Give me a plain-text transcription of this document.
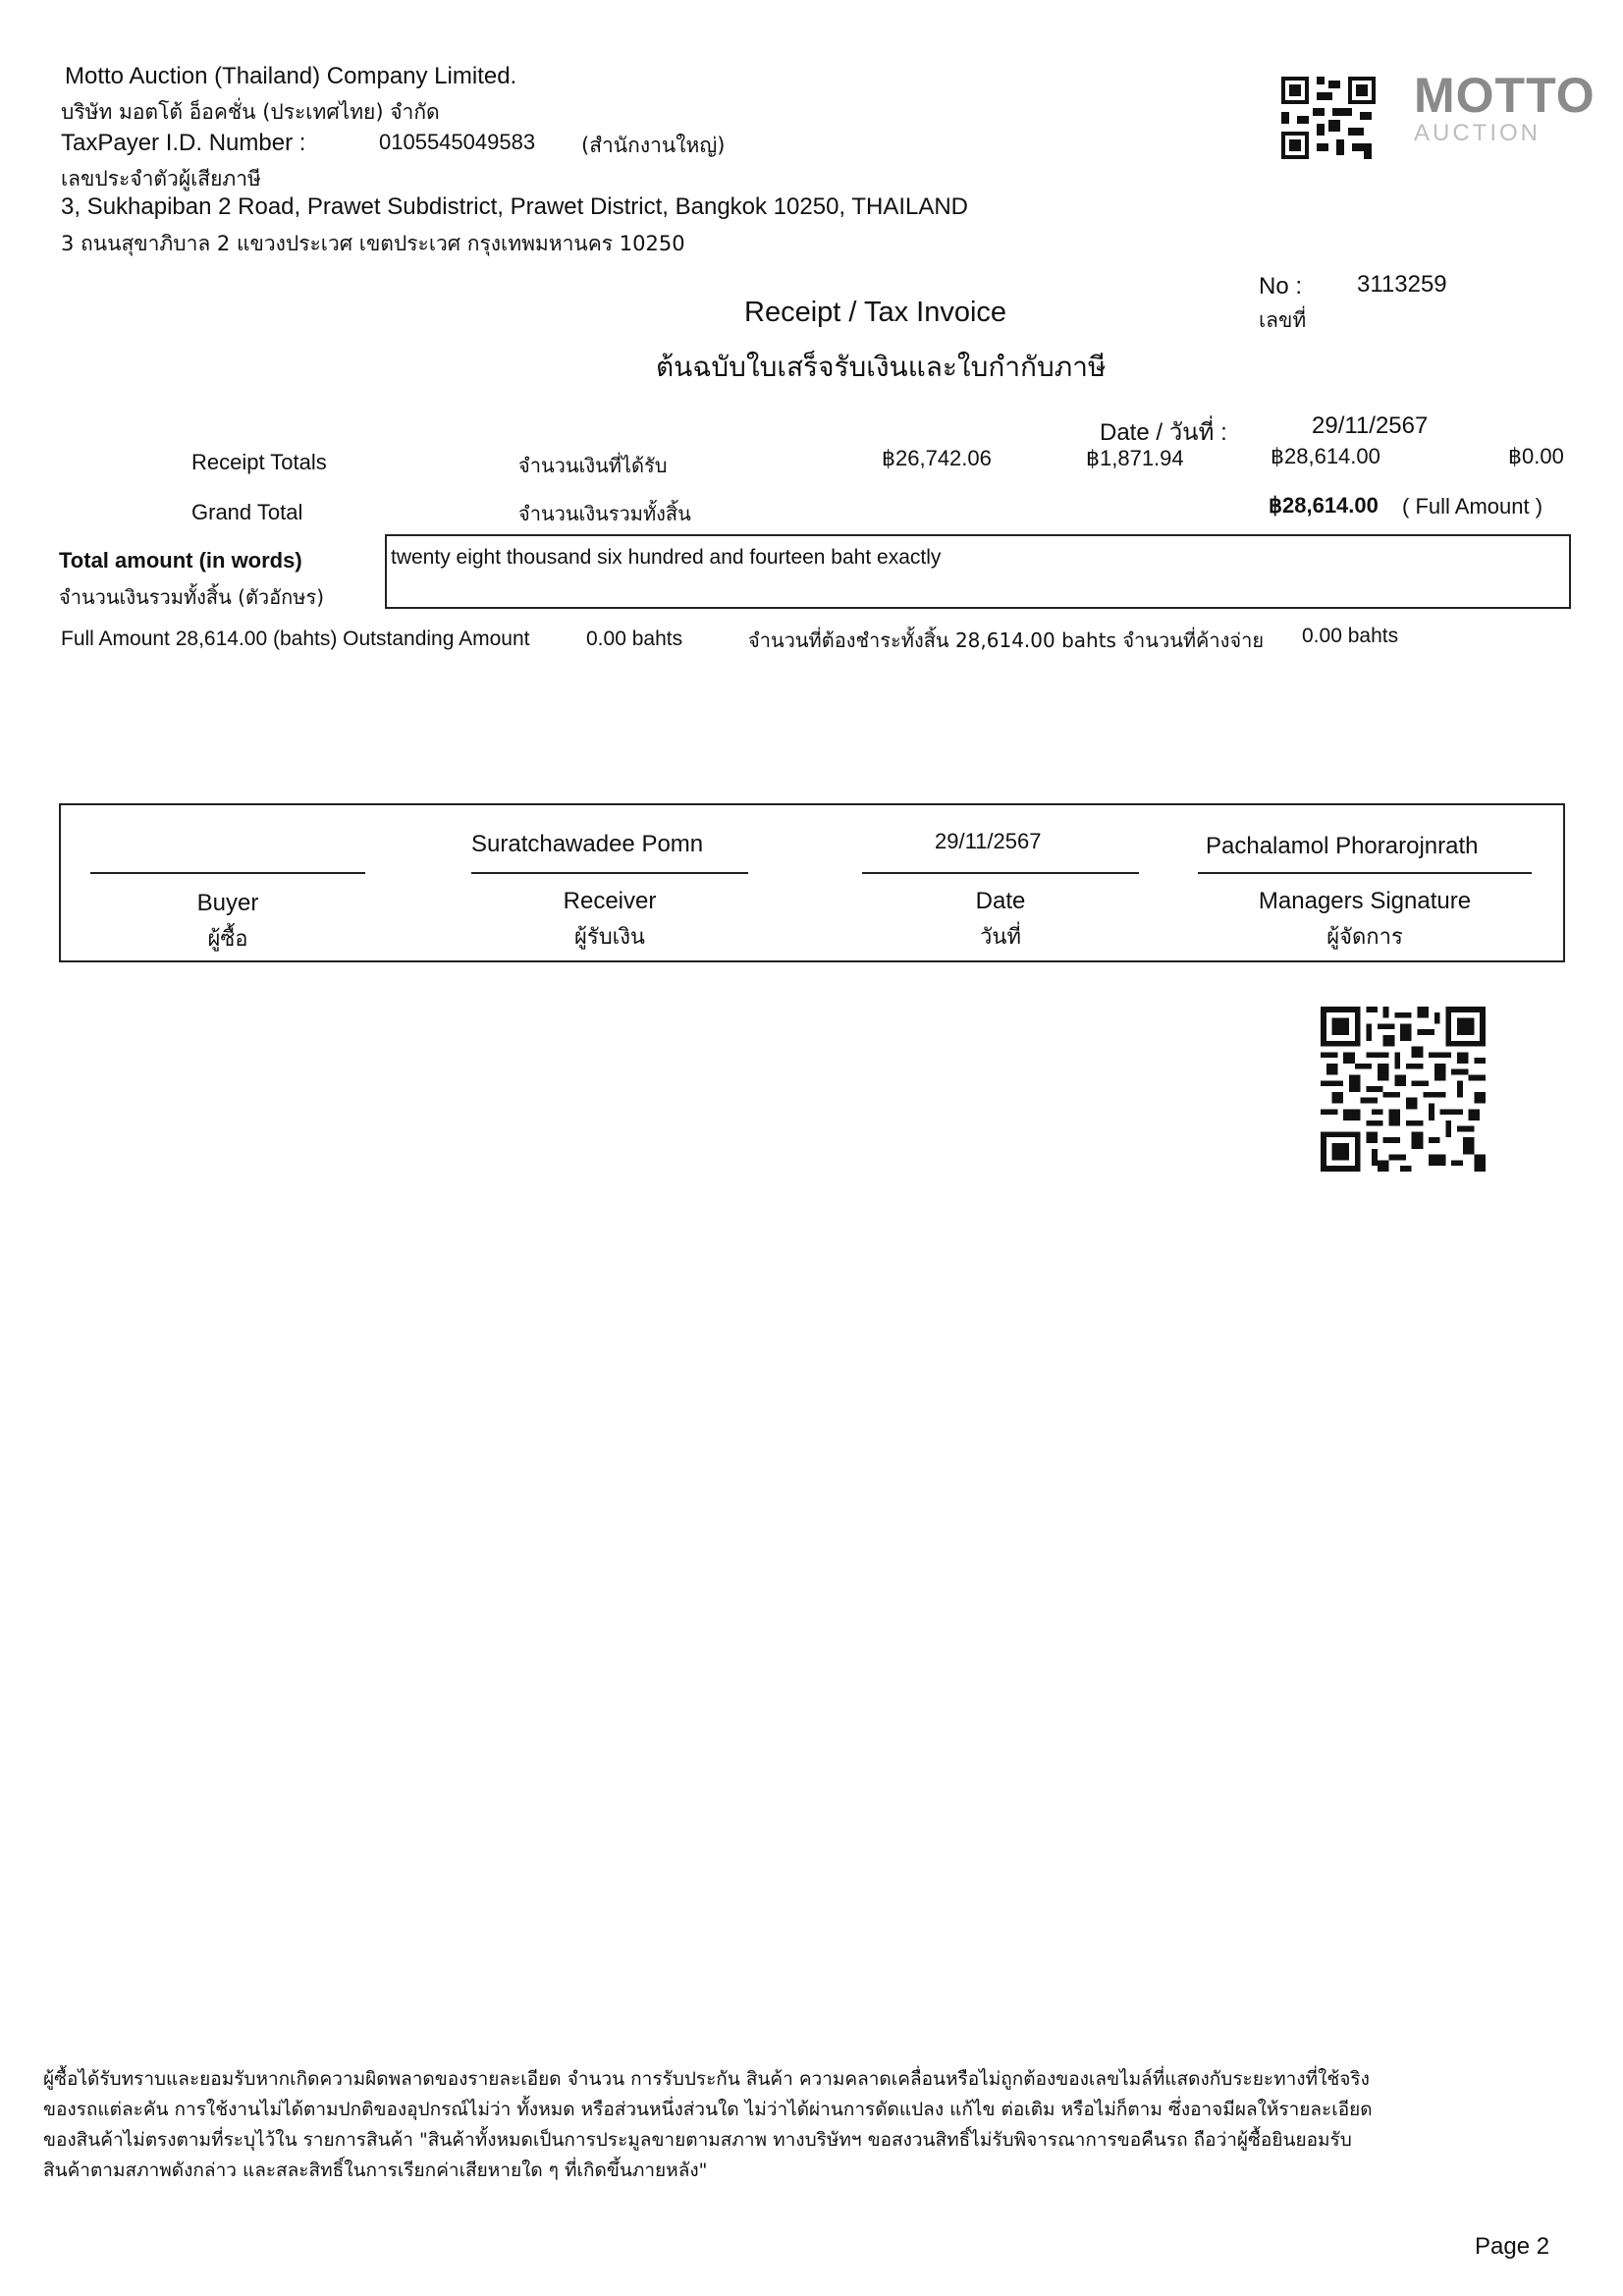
Motto Auction (Thailand) Company Limited.
บริษัท มอตโต้ อ็อคชั่น (ประเทศไทย) จำกัด
TaxPayer I.D. Number :	0105545049583 (สำนักงานใหญ่)
เลขประจำตัวผู้เสียภาษี
3, Sukhapiban 2 Road, Prawet Subdistrict, Prawet District, Bangkok 10250, THAILAND
3 ถนนสุขาภิบาล 2 แขวงประเวศ เขตประเวศ กรุงเทพมหานคร 10250
MOTTO
AUCTION
No : 3113259
เลขที่
Receipt / Tax Invoice
ต้นฉบับใบเสร็จรับเงินและใบกำกับภาษี
Date / วันที่ :	29/11/2567
Receipt Totals	จำนวนเงินที่ได้รับ	฿26,742.06	฿1,871.94	฿28,614.00	฿0.00
Grand Total	จำนวนเงินรวมทั้งสิ้น	฿28,614.00 ( Full Amount )
Total amount (in words)
จำนวนเงินรวมทั้งสิ้น (ตัวอักษร)
twenty eight thousand six hundred and fourteen baht exactly
Full Amount 28,614.00 (bahts) Outstanding Amount	0.00 bahts	จำนวนที่ต้องชำระทั้งสิ้น 28,614.00 bahts จำนวนที่ค้างจ่าย 0.00 bahts
Suratchawadee Pomn	29/11/2567	Pachalamol Phorarojnrath
Buyer
ผู้ซื้อ
Receiver
ผู้รับเงิน
Date
วันที่
Managers Signature
ผู้จัดการ
ผู้ซื้อได้รับทราบและยอมรับหากเกิดความผิดพลาดของรายละเอียด จำนวน การรับประกัน สินค้า ความคลาดเคลื่อนหรือไม่ถูกต้องของเลขไมล์ที่แสดงกับระยะทางที่ใช้จริง
ของรถแต่ละคัน การใช้งานไม่ได้ตามปกติของอุปกรณ์ไม่ว่า ทั้งหมด หรือส่วนหนึ่งส่วนใด ไม่ว่าได้ผ่านการดัดแปลง แก้ไข ต่อเติม หรือไม่ก็ตาม ซึ่งอาจมีผลให้รายละเอียด
ของสินค้าไม่ตรงตามที่ระบุไว้ใน รายการสินค้า "สินค้าทั้งหมดเป็นการประมูลขายตามสภาพ ทางบริษัทฯ ขอสงวนสิทธิ์ไม่รับพิจารณาการขอคืนรถ ถือว่าผู้ซื้อยินยอมรับ
สินค้าตามสภาพดังกล่าว และสละสิทธิ์ในการเรียกค่าเสียหายใด ๆ ที่เกิดขึ้นภายหลัง"
Page 2
